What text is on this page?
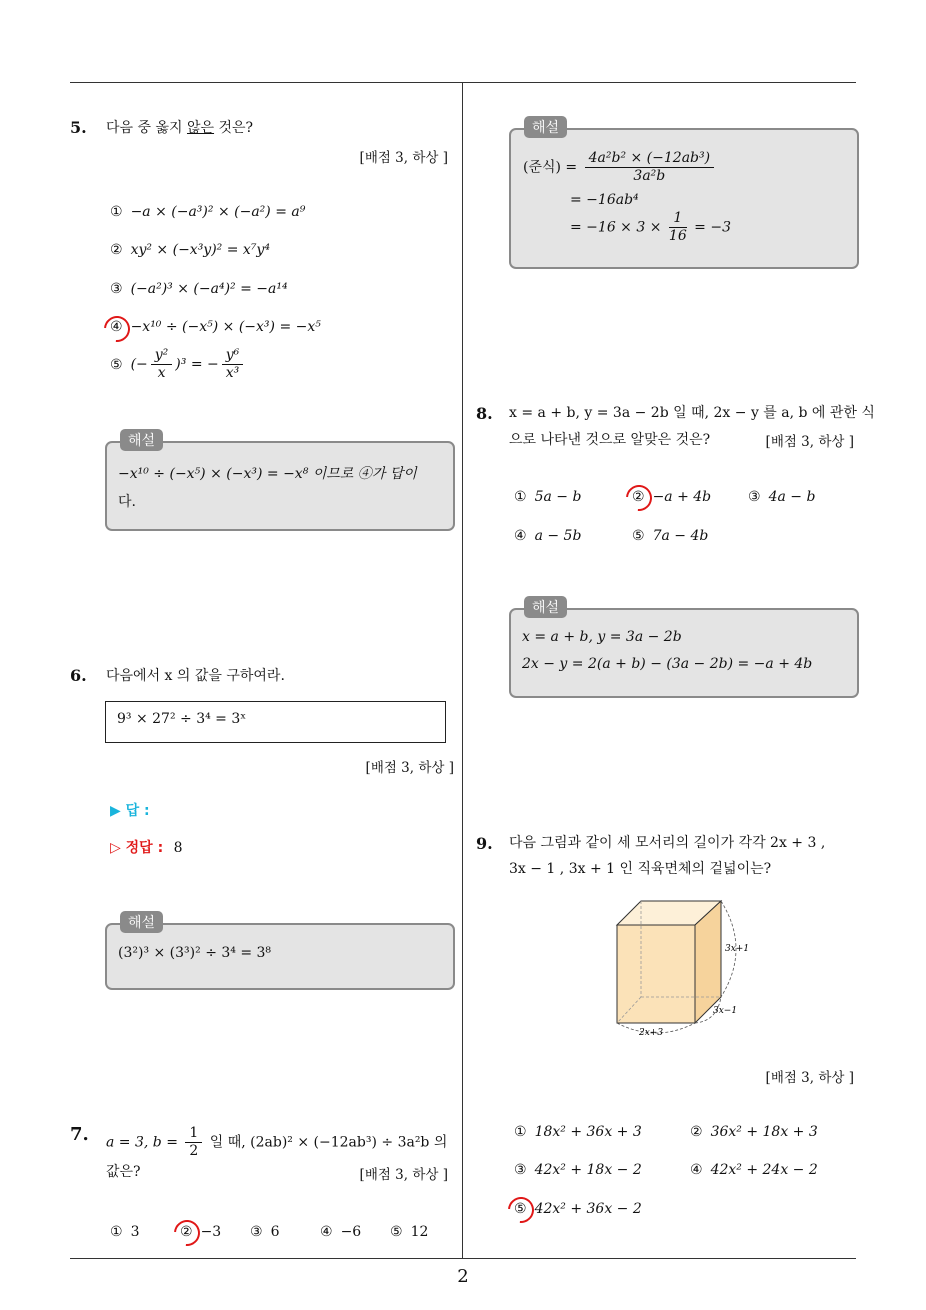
2
5. 다음 중 옳지 않은 것은?
[배점 3, 하상 ]
① −a × (−a³)² × (−a²) = a⁹
② xy² × (−x³y)² = x⁷y⁴
③ (−a²)³ × (−a⁴)² = −a¹⁴
④ −x¹⁰ ÷ (−x⁵) × (−x³) = −x⁵
⑤ (− $\frac{\text{y²}}{x} )^3$ = − $\frac{\text{y⁶}}{\text{x³}}$
해설
−x¹⁰ ÷ (−x⁵) × (−x³) = −x⁸ 이므로 ④가 답이
다.
6. 다음에서 x 의 값을 구하여라.
9³ × 27² ÷ 3⁴ = 3ˣ
[배점 3, 하상 ]
▶ 답 :
▷ 정답 : 8
해설
(3²)³ × (3³)² ÷ 3⁴ = 3⁸
7. a = 3, $b = \frac{1}{2}$ 일 때, (2ab)² × (−12ab³) ÷ 3a²b 의
값은?	[배점 3, 하상 ]
① 3	② −3 ③ 6	④ −6 ⑤ 12
해설
(준식) = $\frac{\text{4a²b² × (−12ab³)}}{\text{3a²b}}$
= −16ab⁴
= $-16 \times 3 \times \frac{1}{16} = -3$
8. x = a + b, y = 3a − 2b 일 때, 2x − y 를 a, b 에 관한 식
으로 나타낸 것으로 알맞은 것은?	[배점 3, 하상 ]
① 5a − b	② −a + 4b	③ 4a − b
④ a − 5b	⑤ 7a − 4b
해설
x = a + b, y = 3a − 2b
2x − y = 2(a + b) − (3a − 2b) = −a + 4b
9. 다음 그림과 같이 세 모서리의 길이가 각각 2x + 3 ,
3x − 1 , 3x + 1 인 직육면체의 겉넓이는?
3x+1
3x−1
2x+3
[배점 3, 하상 ]
① 18x² + 36x + 3	② 36x² + 18x + 3
③ 42x² + 18x − 2	④ 42x² + 24x − 2
⑤ 42x² + 36x − 2
